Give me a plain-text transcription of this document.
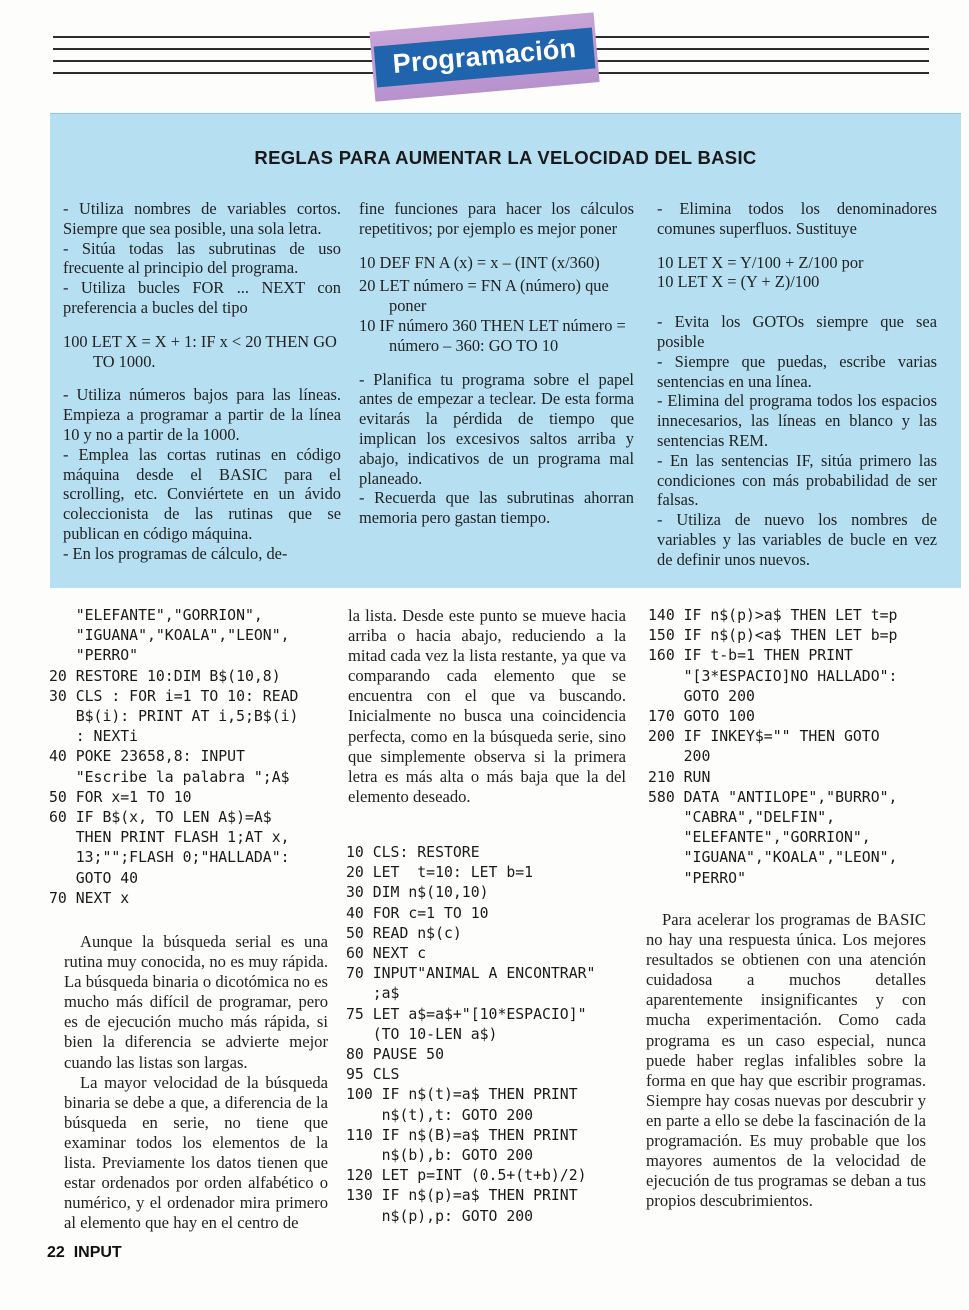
Programación
REGLAS PARA AUMENTAR LA VELOCIDAD DEL BASIC

- Utiliza nombres de variables cortos. Siempre que sea posible, una sola letra.

- Sitúa todas las subrutinas de uso frecuente al principio del programa.

- Utiliza bucles FOR ... NEXT con preferencia a bucles del tipo

100 LET X = X + 1: IF x < 20 THEN GO TO 1000.

- Utiliza números bajos para las líneas. Empieza a programar a partir de la línea 10 y no a partir de la 1000.

- Emplea las cortas rutinas en código máquina desde el BASIC para el scrolling, etc. Conviértete en un ávido coleccionista de las rutinas que se publican en código máquina.

- En los programas de cálculo, de-

fine funciones para hacer los cálculos repetitivos; por ejemplo es mejor poner

10 DEF FN A (x) = x – (INT (x/360)

20 LET número = FN A (número) que poner

10 IF número 360 THEN LET número = número – 360: GO TO 10

- Planifica tu programa sobre el papel antes de empezar a teclear. De esta forma evitarás la pérdida de tiempo que implican los excesivos saltos arriba y abajo, indicativos de un programa mal planeado.

- Recuerda que las subrutinas ahorran memoria pero gastan tiempo.

- Elimina todos los denominadores comunes superfluos. Sustituye

10 LET X = Y/100 + Z/100 por

10 LET X = (Y + Z)/100

- Evita los GOTOs siempre que sea posible

- Siempre que puedas, escribe varias sentencias en una línea.

- Elimina del programa todos los espacios innecesarios, las líneas en blanco y las sentencias REM.

- En las sentencias IF, sitúa primero las condiciones con más probabilidad de ser falsas.

- Utiliza de nuevo los nombres de variables y las variables de bucle en vez de definir unos nuevos.

"ELEFANTE","GORRION",
"IGUANA","KOALA","LEON",
"PERRO"
20 RESTORE 10:DIM B$(10,8)
30 CLS : FOR i=1 TO 10: READ
B$(i): PRINT AT i,5;B$(i)
: NEXTi
40 POKE 23658,8: INPUT
"Escribe la palabra ";A$
50 FOR x=1 TO 10
60 IF B$(x, TO LEN A$)=A$
THEN PRINT FLASH 1;AT x,
13;"";FLASH 0;"HALLADA":
GOTO 40
70 NEXT x

Aunque la búsqueda serial es una rutina muy conocida, no es muy rápida. La búsqueda binaria o dicotómica no es mucho más difícil de programar, pero es de ejecución mucho más rápida, si bien la diferencia se advierte mejor cuando las listas son largas.

La mayor velocidad de la búsqueda binaria se debe a que, a diferencia de la búsqueda en serie, no tiene que examinar todos los elementos de la lista. Previamente los datos tienen que estar ordenados por orden alfabético o numérico, y el ordenador mira primero al elemento que hay en el centro de

la lista. Desde este punto se mueve hacia arriba o hacia abajo, reduciendo a la mitad cada vez la lista restante, ya que va comparando cada elemento que se encuentra con el que va buscando. Inicialmente no busca una coincidencia perfecta, como en la búsqueda serie, sino que simplemente observa si la primera letra es más alta o más baja que la del elemento deseado.

10 CLS: RESTORE
20 LET  t=10: LET b=1
30 DIM n$(10,10)
40 FOR c=1 TO 10
50 READ n$(c)
60 NEXT c
70 INPUT"ANIMAL A ENCONTRAR"
;a$
75 LET a$=a$+"[10*ESPACIO]"
(TO 10-LEN a$)
80 PAUSE 50
95 CLS
100 IF n$(t)=a$ THEN PRINT
n$(t),t: GOTO 200
110 IF n$(B)=a$ THEN PRINT
n$(b),b: GOTO 200
120 LET p=INT (0.5+(t+b)/2)
130 IF n$(p)=a$ THEN PRINT
n$(p),p: GOTO 200
140 IF n$(p)>a$ THEN LET t=p
150 IF n$(p)<a$ THEN LET b=p
160 IF t-b=1 THEN PRINT
"[3*ESPACIO]NO HALLADO":
GOTO 200
170 GOTO 100
200 IF INKEY$="" THEN GOTO
200
210 RUN
580 DATA "ANTILOPE","BURRO",
"CABRA","DELFIN",
"ELEFANTE","GORRION",
"IGUANA","KOALA","LEON",
"PERRO"

Para acelerar los programas de BASIC no hay una respuesta única. Los mejores resultados se obtienen con una atención cuidadosa a muchos detalles aparentemente insignificantes y con mucha experimentación. Como cada programa es un caso especial, nunca puede haber reglas infalibles sobre la forma en que hay que escribir programas. Siempre hay cosas nuevas por descubrir y en parte a ello se debe la fascinación de la programación. Es muy probable que los mayores aumentos de la velocidad de ejecución de tus programas se deban a tus propios descubrimientos.

22 INPUT
